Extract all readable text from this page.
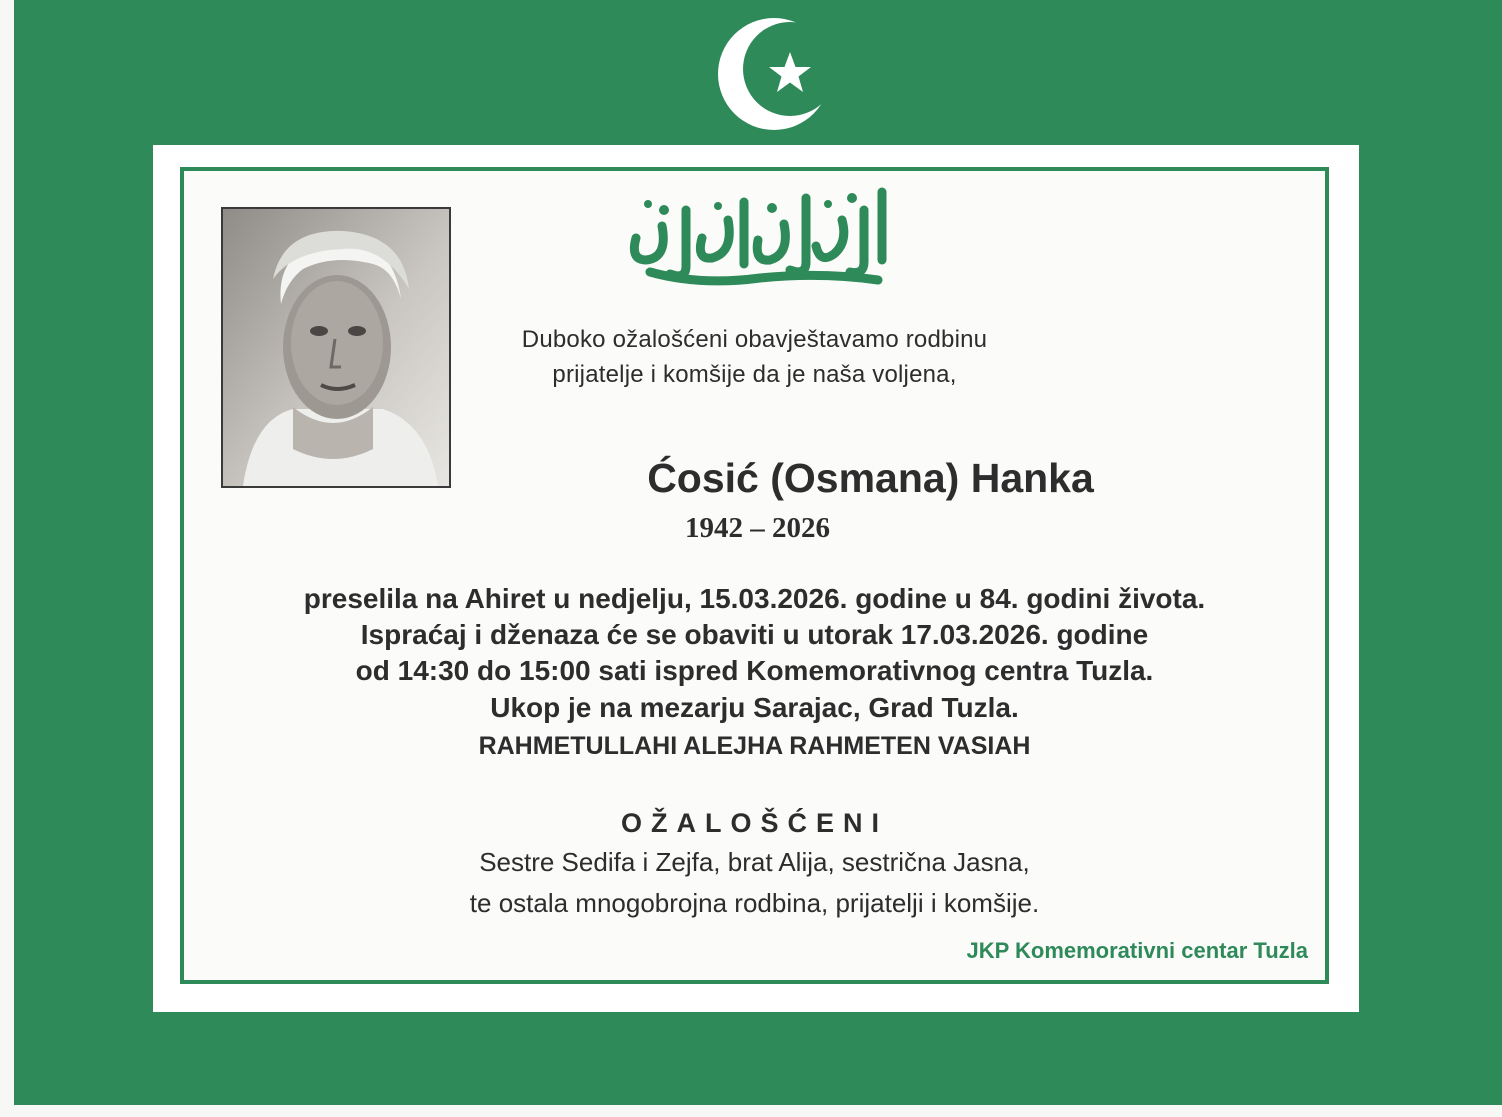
Duboko ožalošćeni obavještavamo rodbinu
prijatelje i komšije da je naša voljena,
Ćosić (Osmana) Hanka
1942 – 2026
preselila na Ahiret u nedjelju, 15.03.2026. godine u 84. godini života.
Ispraćaj i dženaza će se obaviti u utorak 17.03.2026. godine
od 14:30 do 15:00 sati ispred Komemorativnog centra Tuzla.
Ukop je na mezarju Sarajac, Grad Tuzla.
RAHMETULLAHI ALEJHA RAHMETEN VASIAH
OŽALOŠĆENI
Sestre Sedifa i Zejfa, brat Alija, sestrična Jasna,
te ostala mnogobrojna rodbina, prijatelji i komšije.
JKP Komemorativni centar Tuzla
